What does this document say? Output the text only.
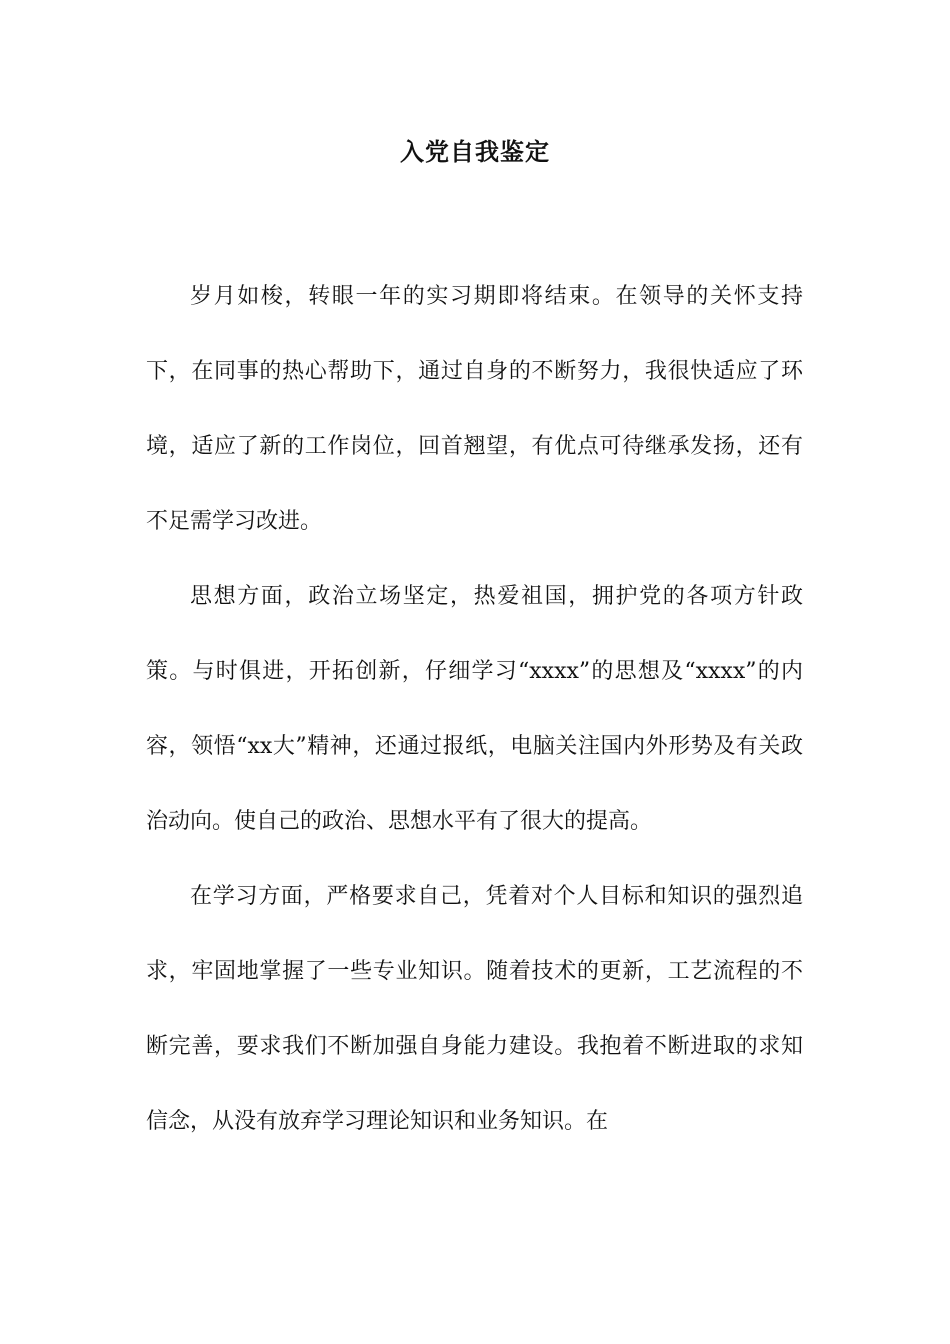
入党自我鉴定

岁月如梭，转眼一年的实习期即将结束。在领导的关怀支持下，在同事的热心帮助下，通过自身的不断努力，我很快适应了环境，适应了新的工作岗位，回首翘望，有优点可待继承发扬，还有不足需学习改进。

思想方面，政治立场坚定，热爱祖国，拥护党的各项方针政策。与时俱进，开拓创新，仔细学习“xxxx”的思想及“xxxx”的内容，领悟“xx大”精神，还通过报纸，电脑关注国内外形势及有关政治动向。使自己的政治、思想水平有了很大的提高。

在学习方面，严格要求自己，凭着对个人目标和知识的强烈追求，牢固地掌握了一些专业知识。随着技术的更新，工艺流程的不断完善，要求我们不断加强自身能力建设。我抱着不断进取的求知信念，从没有放弃学习理论知识和业务知识。在
